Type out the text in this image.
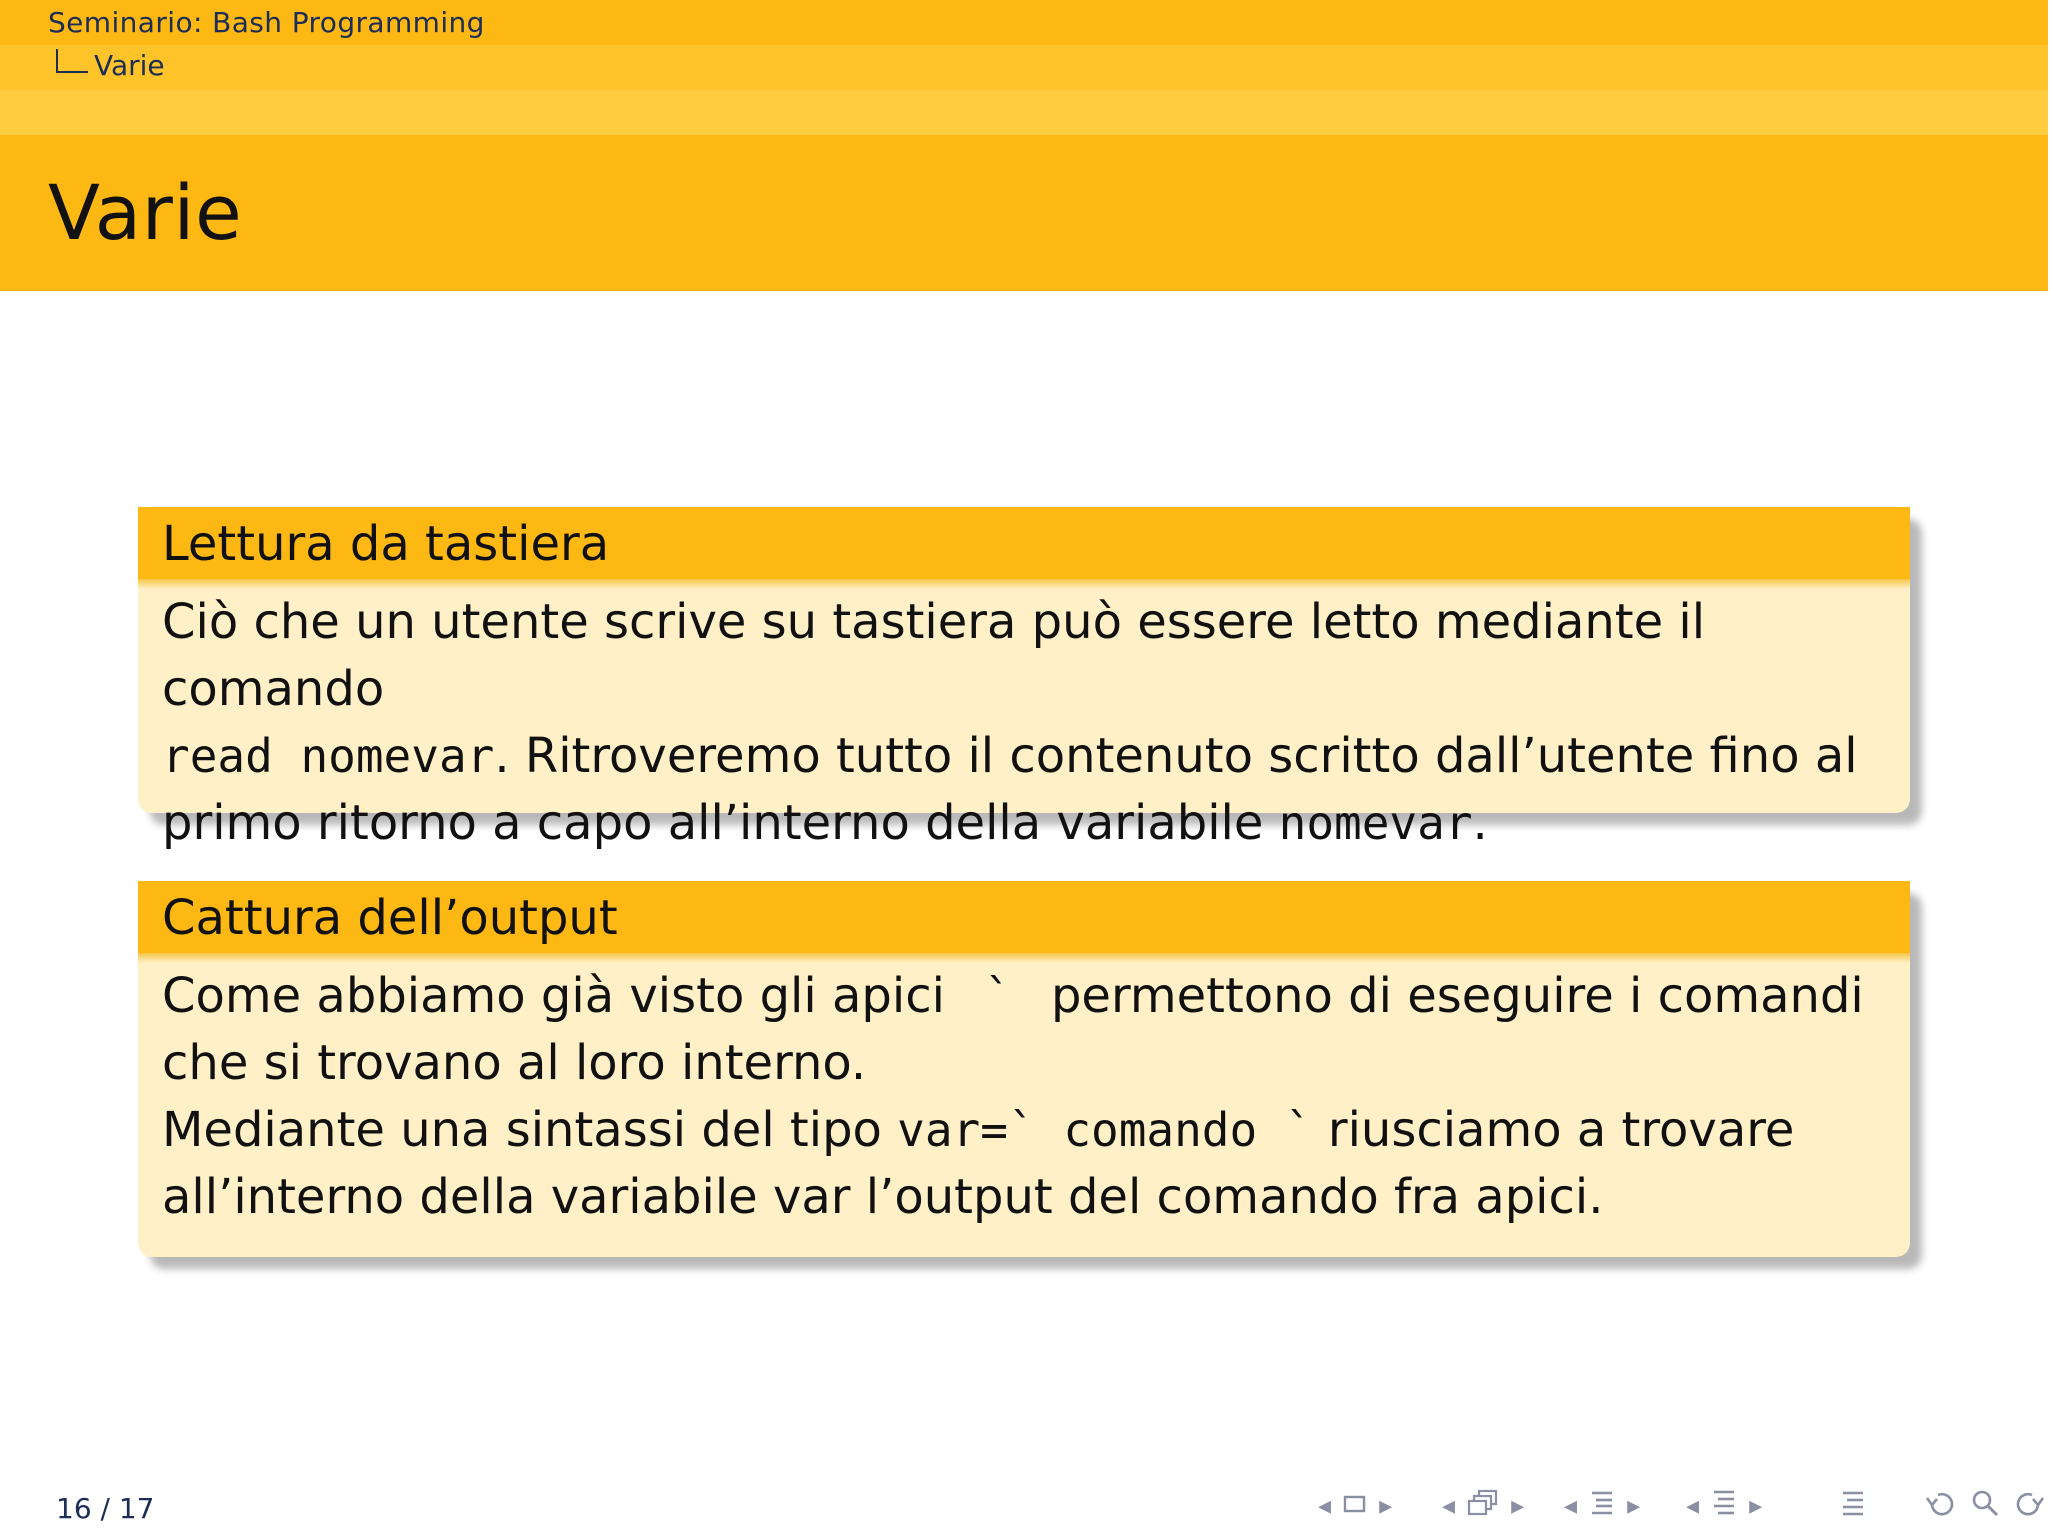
Seminario: Bash Programming
Varie
Varie
Lettura da tastiera
Ciò che un utente scrive su tastiera può essere letto mediante il comando
read nomevar. Ritroveremo tutto il contenuto scritto dall’utente fino al
primo ritorno a capo all’interno della variabile nomevar.
Cattura dell’output
Come abbiamo già visto gli apici ` permettono di eseguire i comandi
che si trovano al loro interno.
Mediante una sintassi del tipo var=` comando ` riusciamo a trovare
all’interno della variabile var l’output del comando fra apici.
16 / 17	◂ ▸ ◂ ▸ ◂ ▸ ◂ ▸
